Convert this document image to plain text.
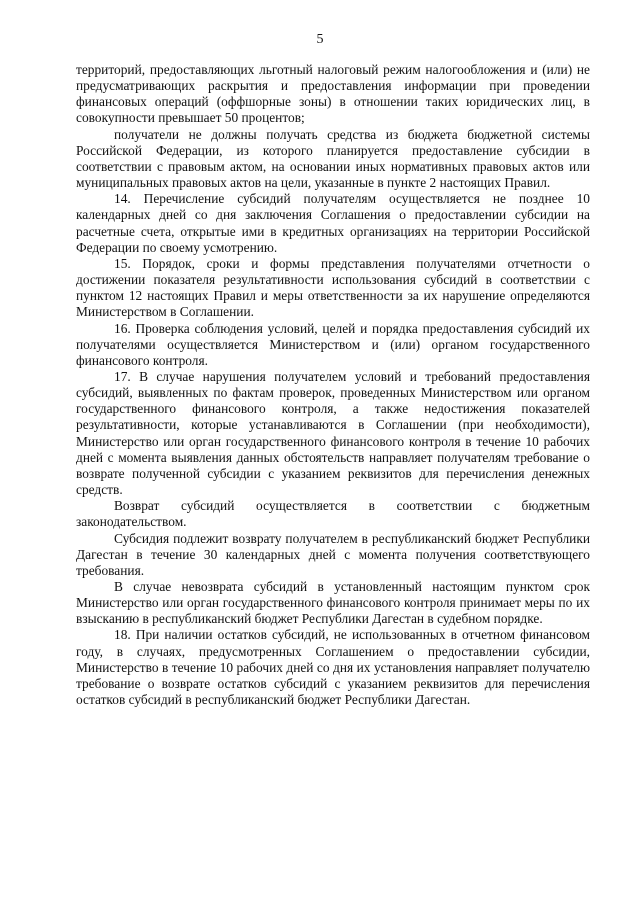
5

территорий, предоставляющих льготный налоговый режим налогообложения и (или) не предусматривающих раскрытия и предоставления информации при проведении финансовых операций (оффшорные зоны) в отношении таких юридических лиц, в совокупности превышает 50 процентов;

получатели не должны получать средства из бюджета бюджетной системы Российской Федерации, из которого планируется предоставление субсидии в соответствии с правовым актом, на основании иных нормативных правовых актов или муниципальных правовых актов на цели, указанные в пункте 2 настоящих Правил.

14. Перечисление субсидий получателям осуществляется не позднее 10 календарных дней со дня заключения Соглашения о предоставлении субсидии на расчетные счета, открытые ими в кредитных организациях на территории Российской Федерации по своему усмотрению.

15. Порядок, сроки и формы представления получателями отчетности о достижении показателя результативности использования субсидий в соответствии с пунктом 12 настоящих Правил и меры ответственности за их нарушение определяются Министерством в Соглашении.

16. Проверка соблюдения условий, целей и порядка предоставления субсидий их получателями осуществляется Министерством и (или) органом государственного финансового контроля.

17. В случае нарушения получателем условий и требований предоставления субсидий, выявленных по фактам проверок, проведенных Министерством или органом государственного финансового контроля, а также недостижения показателей результативности, которые устанавливаются в Соглашении (при необходимости), Министерство или орган государственного финансового контроля в течение 10 рабочих дней с момента выявления данных обстоятельств направляет получателям требование о возврате полученной субсидии с указанием реквизитов для перечисления денежных средств.

Возврат субсидий осуществляется в соответствии с бюджетным законодательством.

Субсидия подлежит возврату получателем в республиканский бюджет Республики Дагестан в течение 30 календарных дней с момента получения соответствующего требования.

В случае невозврата субсидий в установленный настоящим пунктом срок Министерство или орган государственного финансового контроля принимает меры по их взысканию в республиканский бюджет Республики Дагестан в судебном порядке.

18. При наличии остатков субсидий, не использованных в отчетном финансовом году, в случаях, предусмотренных Соглашением о предоставлении субсидии, Министерство в течение 10 рабочих дней со дня их установления направляет получателю требование о возврате остатков субсидий с указанием реквизитов для перечисления остатков субсидий в республиканский бюджет Республики Дагестан.
